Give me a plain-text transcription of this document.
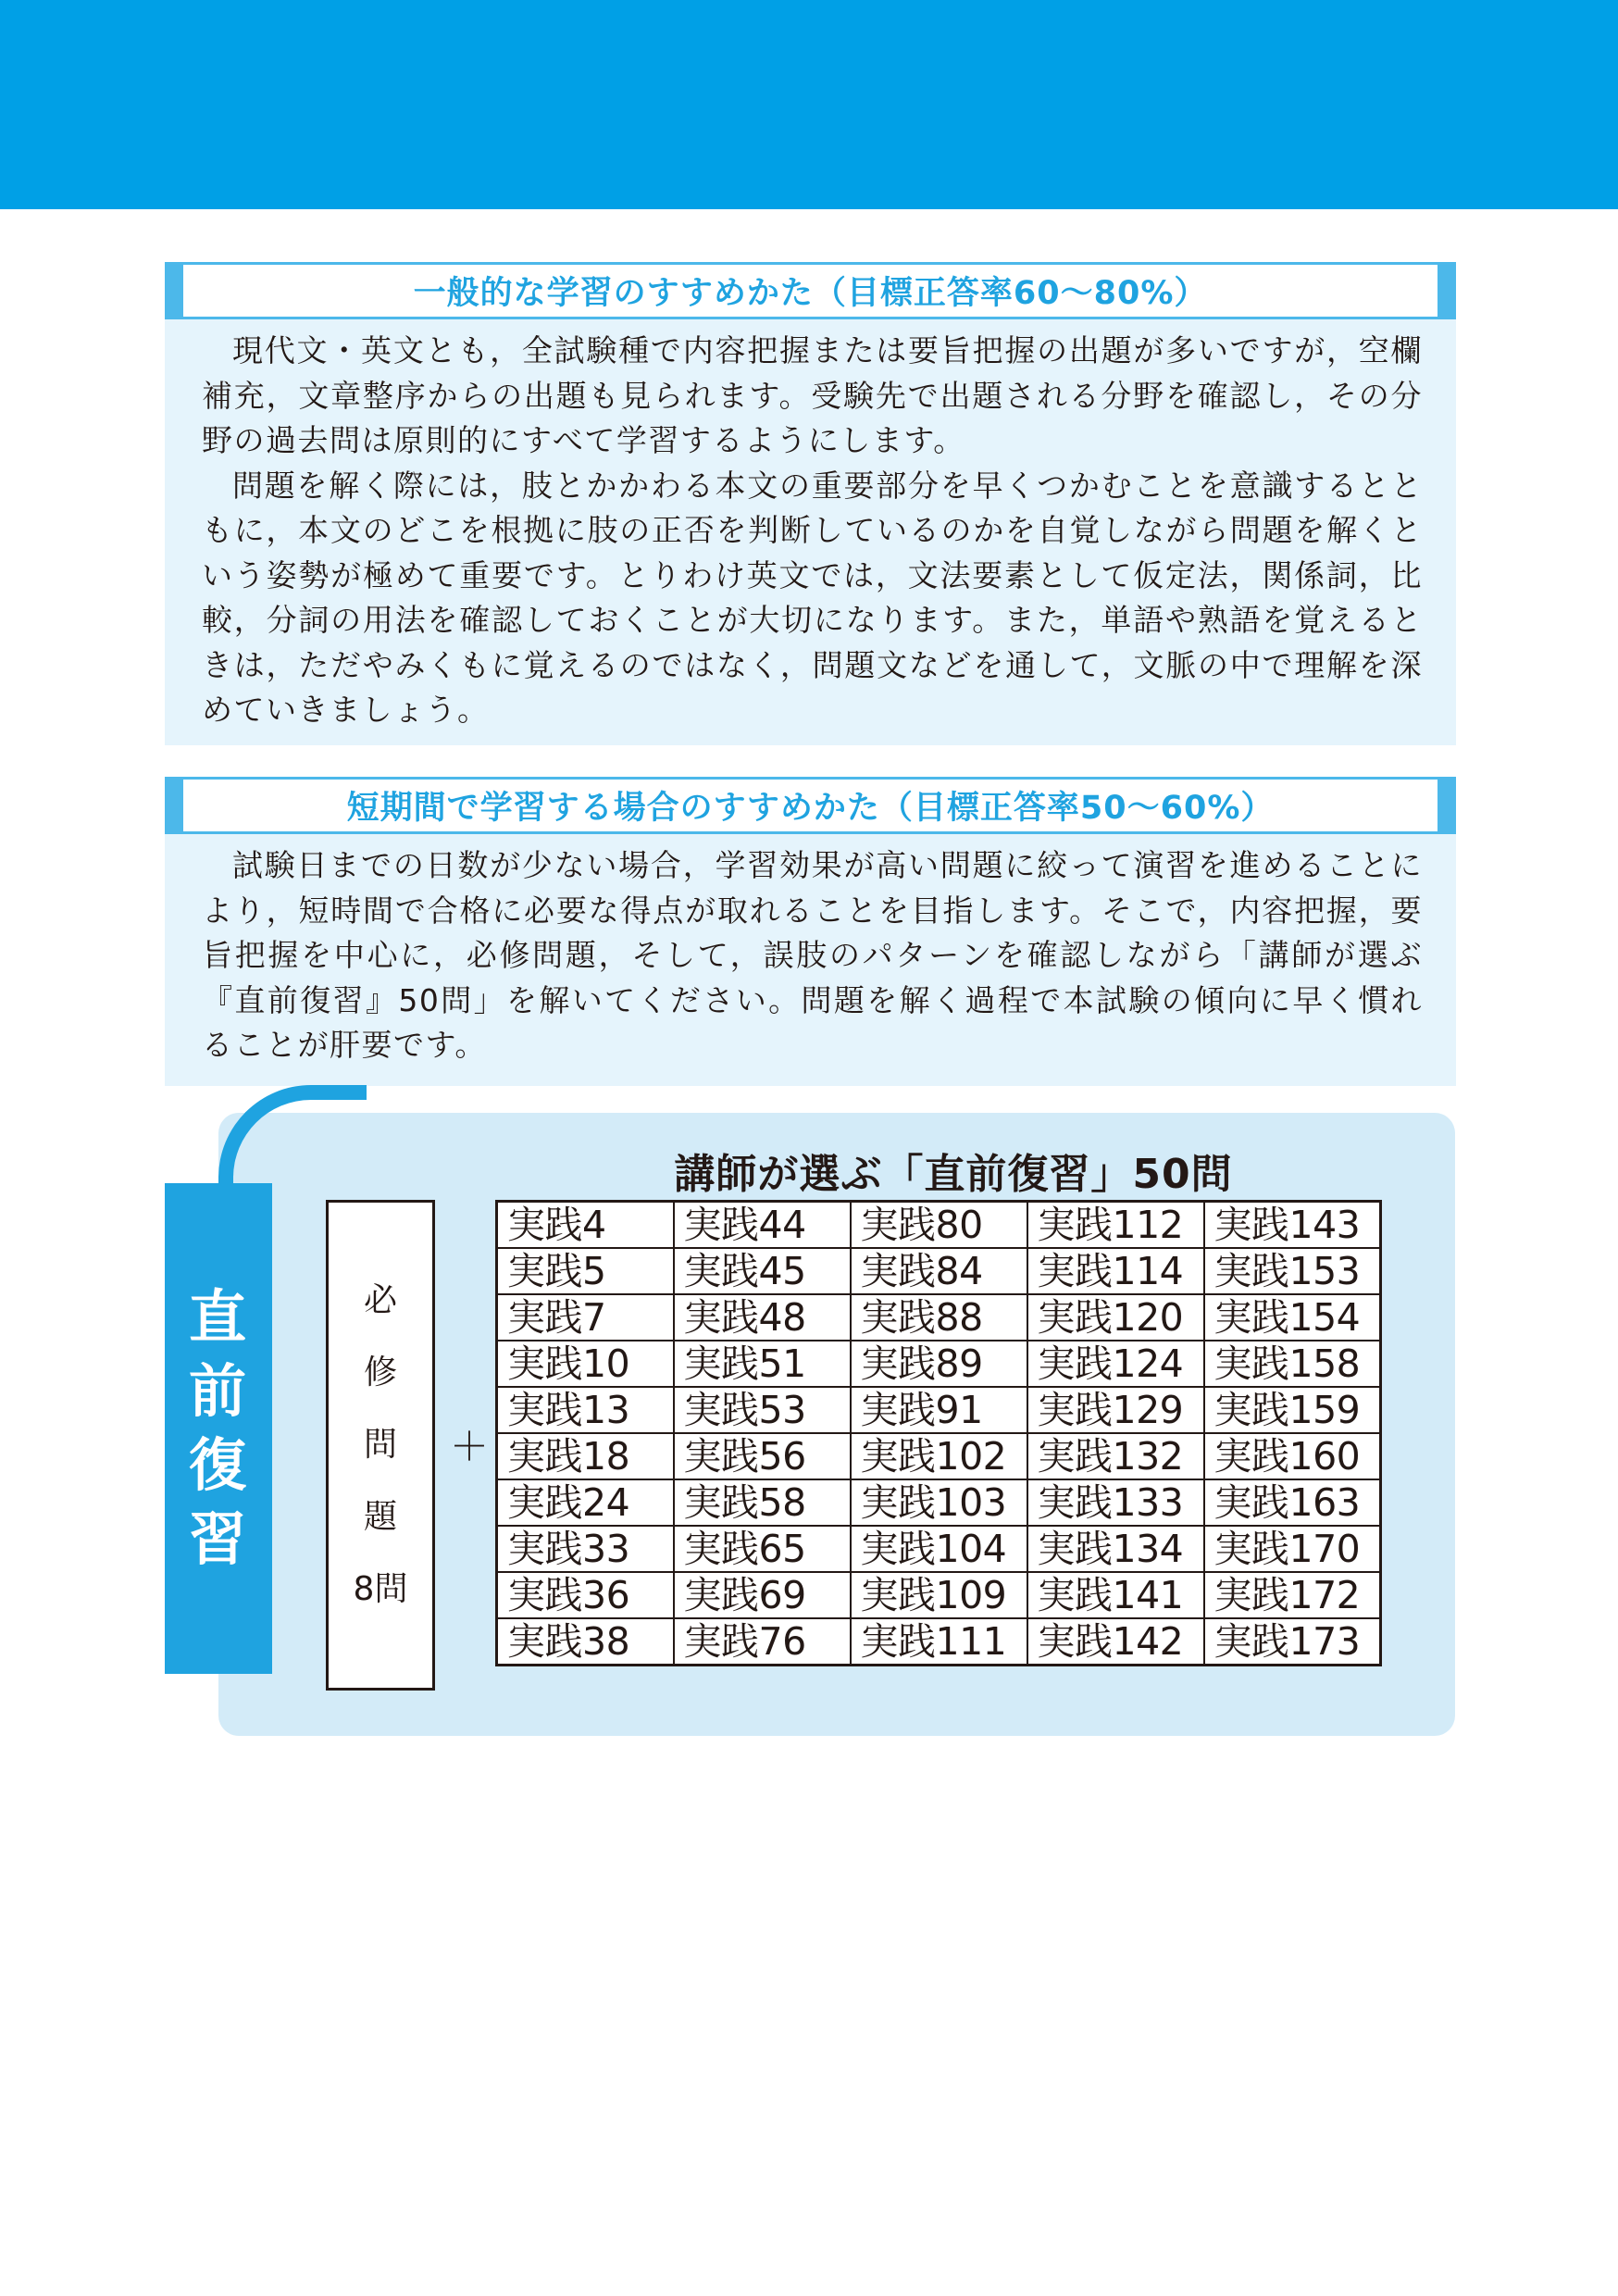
一般的な学習のすすめかた（目標正答率60～80%）

現代文・英文とも，全試験種で内容把握または要旨把握の出題が多いですが，空欄補充，文章整序からの出題も見られます。受験先で出題される分野を確認し，その分野の過去問は原則的にすべて学習するようにします。

問題を解く際には，肢とかかわる本文の重要部分を早くつかむことを意識するとともに，本文のどこを根拠に肢の正否を判断しているのかを自覚しながら問題を解くという姿勢が極めて重要です。とりわけ英文では，文法要素として仮定法，関係詞，比較，分詞の用法を確認しておくことが大切になります。また，単語や熟語を覚えるときは，ただやみくもに覚えるのではなく，問題文などを通して，文脈の中で理解を深めていきましょう。

短期間で学習する場合のすすめかた（目標正答率50～60%）

試験日までの日数が少ない場合，学習効果が高い問題に絞って演習を進めることにより，短時間で合格に必要な得点が取れることを目指します。そこで，内容把握，要旨把握を中心に，必修問題，そして，誤肢のパターンを確認しながら「講師が選ぶ『直前復習』50問」を解いてください。問題を解く過程で本試験の傾向に早く慣れることが肝要です。

直
前
復
習
講師が選ぶ「直前復習」50問
必
修
問
題
8問
＋
実践4	実践44	実践80	実践112	実践143
実践5	実践45	実践84	実践114	実践153
実践7	実践48	実践88	実践120	実践154
実践10	実践51	実践89	実践124	実践158
実践13	実践53	実践91	実践129	実践159
実践18	実践56	実践102	実践132	実践160
実践24	実践58	実践103	実践133	実践163
実践33	実践65	実践104	実践134	実践170
実践36	実践69	実践109	実践141	実践172
実践38	実践76	実践111	実践142	実践173
